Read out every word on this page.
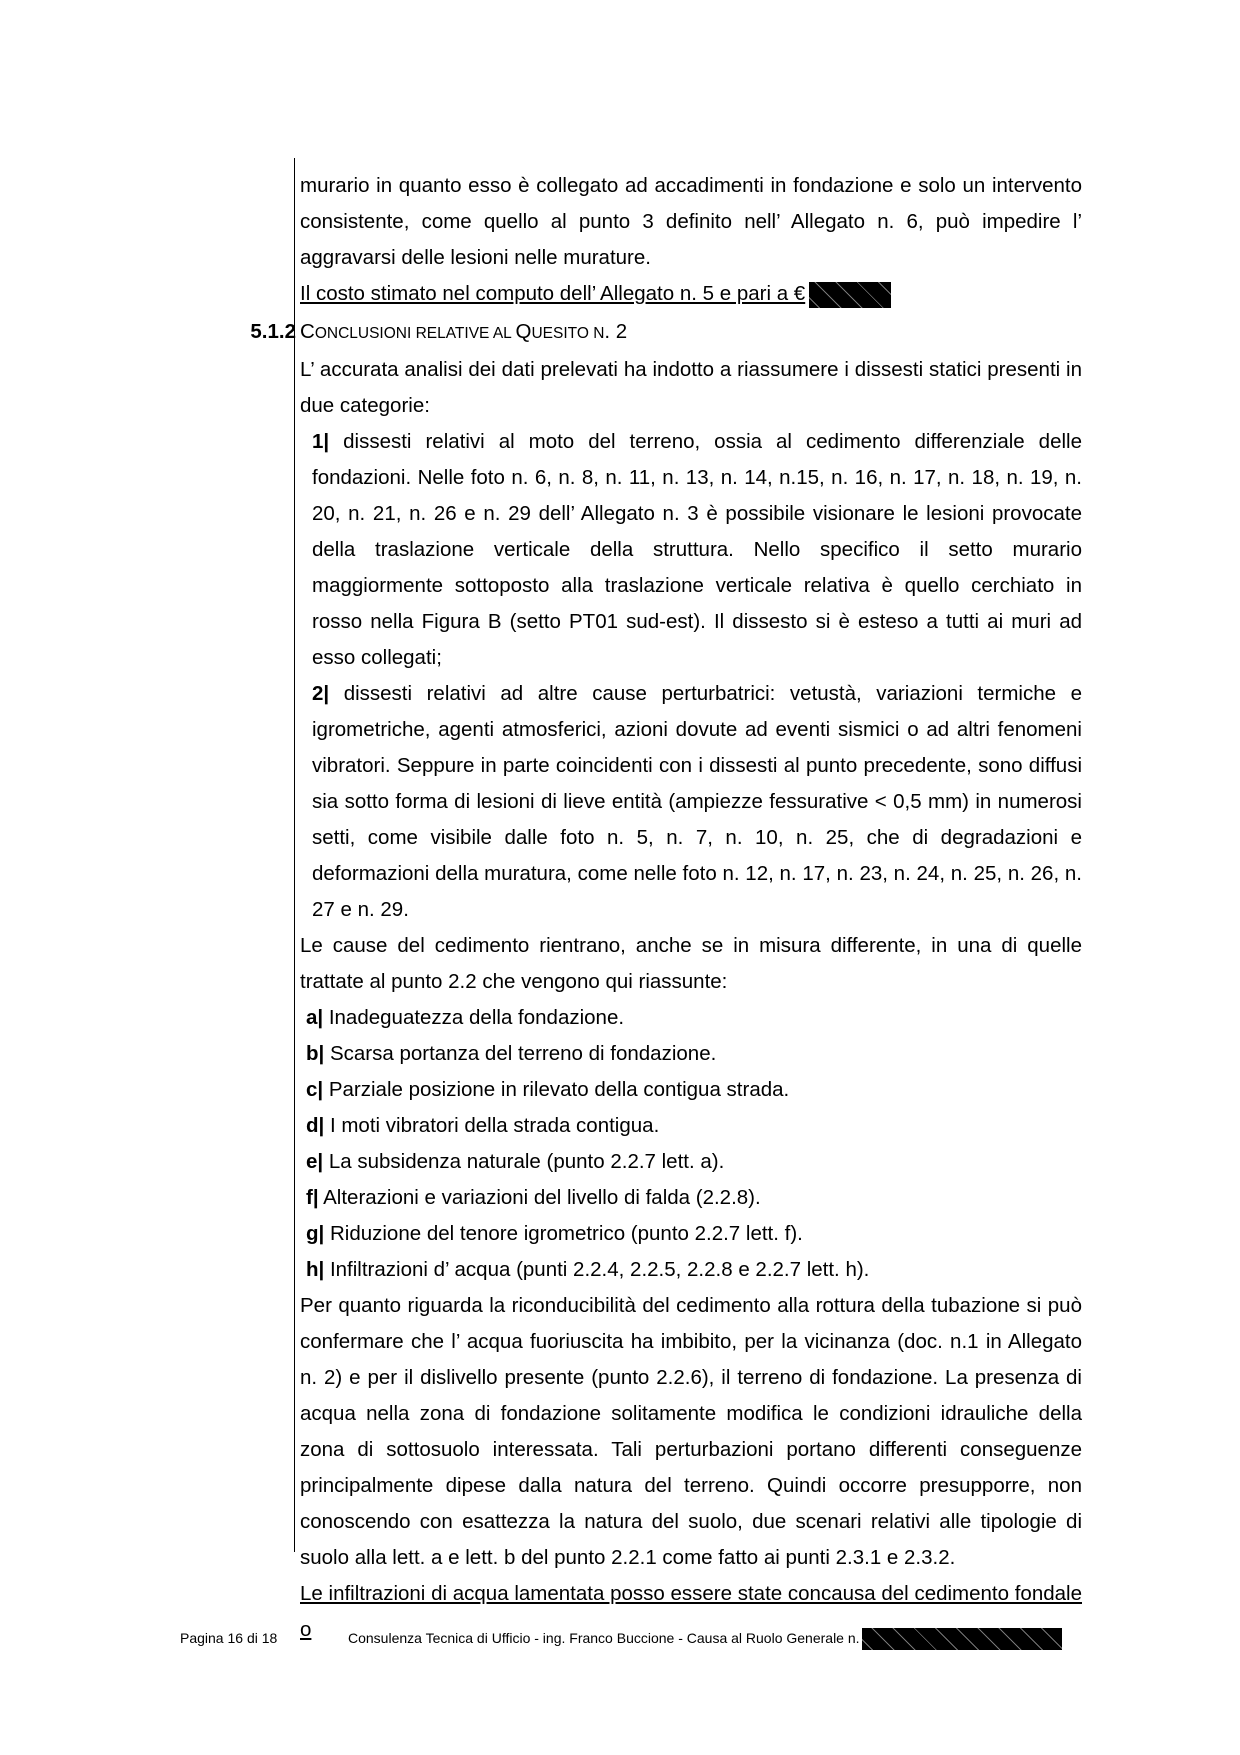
murario in quanto esso è collegato ad accadimenti in fondazione e solo un intervento consistente, come quello al punto 3 definito nell’ Allegato n. 6, può impedire l’ aggravarsi delle lesioni nelle murature.

Il costo stimato nel computo dell’ Allegato n. 5 e pari a €

5.1.2 CONCLUSIONI RELATIVE AL QUESITO N. 2

L’ accurata analisi dei dati prelevati ha indotto a riassumere i dissesti statici presenti in due categorie:

1| dissesti relativi al moto del terreno, ossia al cedimento differenziale delle fondazioni. Nelle foto n. 6, n. 8, n. 11, n. 13, n. 14, n.15, n. 16, n. 17, n. 18, n. 19, n. 20, n. 21, n. 26 e n. 29 dell’ Allegato n. 3 è possibile visionare le lesioni provocate della traslazione verticale della struttura. Nello specifico il setto murario maggiormente sottoposto alla traslazione verticale relativa è quello cerchiato in rosso nella Figura B (setto PT01 sud-est). Il dissesto si è esteso a tutti ai muri ad esso collegati;

2| dissesti relativi ad altre cause perturbatrici: vetustà, variazioni termiche e igrometriche, agenti atmosferici, azioni dovute ad eventi sismici o ad altri fenomeni vibratori. Seppure in parte coincidenti con i dissesti al punto precedente, sono diffusi sia sotto forma di lesioni di lieve entità (ampiezze fessurative < 0,5 mm) in numerosi setti, come visibile dalle foto n. 5, n. 7, n. 10, n. 25, che di degradazioni e deformazioni della muratura, come nelle foto n. 12, n. 17, n. 23, n. 24, n. 25, n. 26, n. 27 e n. 29.

Le cause del cedimento rientrano, anche se in misura differente, in una di quelle trattate al punto 2.2 che vengono qui riassunte:

a| Inadeguatezza della fondazione.

b| Scarsa portanza del terreno di fondazione.

c| Parziale posizione in rilevato della contigua strada.

d| I moti vibratori della strada contigua.

e| La subsidenza naturale (punto 2.2.7 lett. a).

f| Alterazioni e variazioni del livello di falda (2.2.8).

g| Riduzione del tenore igrometrico (punto 2.2.7 lett. f).

h| Infiltrazioni d’ acqua (punti 2.2.4, 2.2.5, 2.2.8 e 2.2.7 lett. h).

Per quanto riguarda la riconducibilità del cedimento alla rottura della tubazione si può confermare che l’ acqua fuoriuscita ha imbibito, per la vicinanza (doc. n.1 in Allegato n. 2) e per il dislivello presente (punto 2.2.6), il terreno di fondazione. La presenza di acqua nella zona di fondazione solitamente modifica le condizioni idrauliche della zona di sottosuolo interessata. Tali perturbazioni portano differenti conseguenze principalmente dipese dalla natura del terreno. Quindi occorre presupporre, non conoscendo con esattezza la natura del suolo, due scenari relativi alle tipologie di suolo alla lett. a e lett. b del punto 2.2.1 come fatto ai punti 2.3.1 e 2.3.2.

Le infiltrazioni di acqua lamentata posso essere state concausa del cedimento fondale o

Pagina 16 di 18	Consulenza Tecnica di Ufficio - ing. Franco Buccione - Causa al Ruolo Generale n.
